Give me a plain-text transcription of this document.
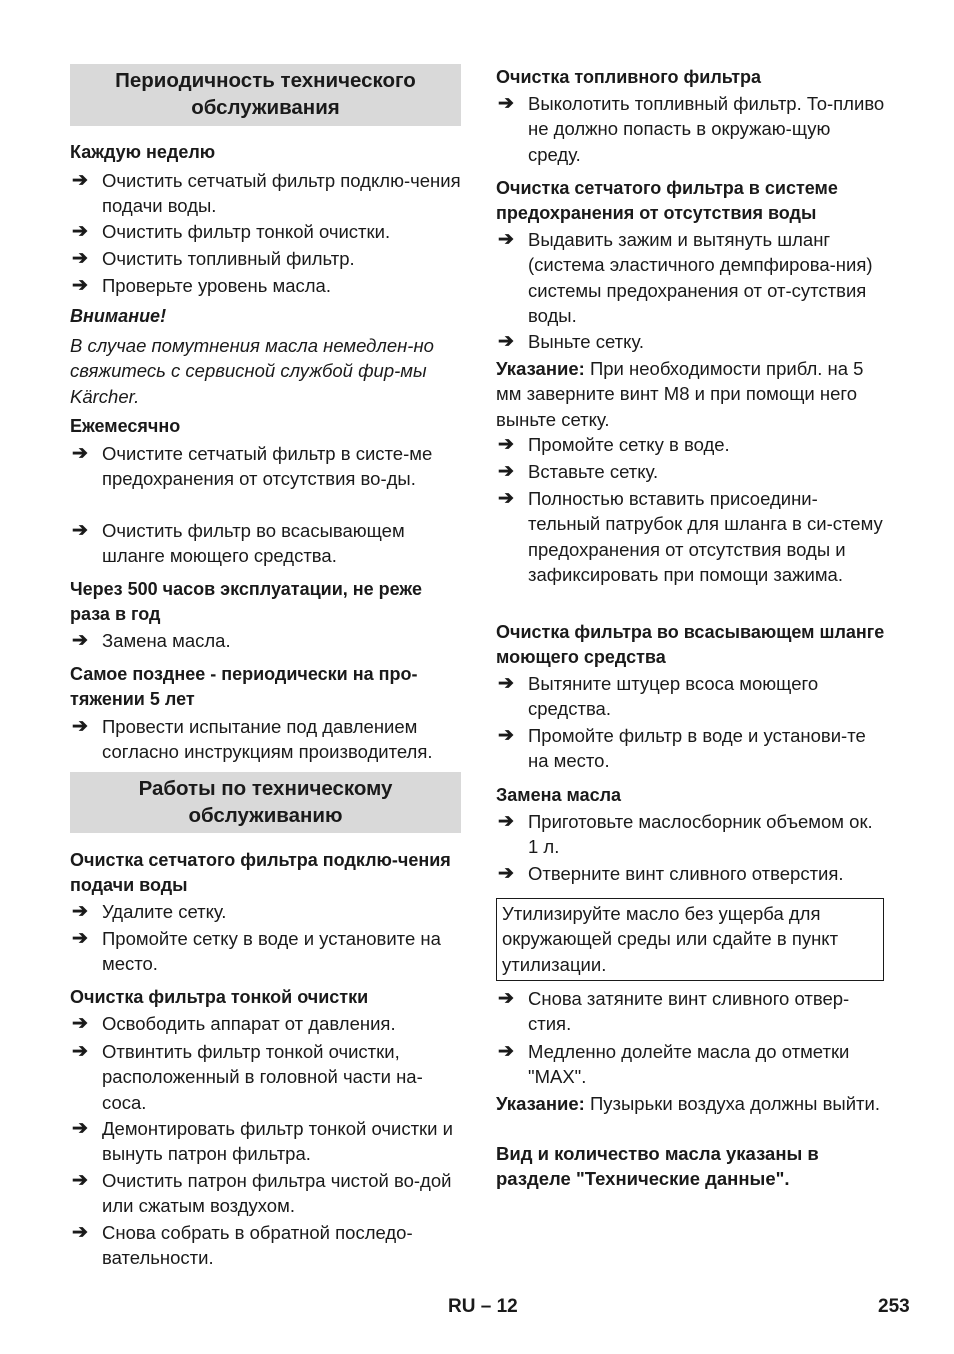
Периодичность технического обслуживания
Каждую неделю
➔ Очистить сетчатый фильтр подклю-чения подачи воды.
➔ Очистить фильтр тонкой очистки.
➔ Очистить топливный фильтр.
➔ Проверьте уровень масла.
Внимание!
В случае помутнения масла немедлен-но свяжитесь с сервисной службой фир-мы Kärcher.
Ежемесячно
➔ Очистите сетчатый фильтр в систе-ме предохранения от отсутствия во-ды.
➔ Очистить фильтр во всасывающем шланге моющего средства.
Через 500 часов эксплуатации, не реже раза в год
➔ Замена масла.
Самое позднее - периодически на про-тяжении 5 лет
➔ Провести испытание под давлением согласно инструкциям производителя.
Работы по техническому обслуживанию
Очистка сетчатого фильтра подклю-чения подачи воды
➔ Удалите сетку.
➔ Промойте сетку в воде и установите на место.
Очистка фильтра тонкой очистки
➔ Освободить аппарат от давления.
➔ Отвинтить фильтр тонкой очистки, расположенный в головной части на-соса.
➔ Демонтировать фильтр тонкой очистки и вынуть патрон фильтра.
➔ Очистить патрон фильтра чистой во-дой или сжатым воздухом.
➔ Снова собрать в обратной последо-вательности.
Очистка топливного фильтра
➔ Выколотить топливный фильтр. То-пливо не должно попасть в окружаю-щую среду.
Очистка сетчатого фильтра в системе предохранения от отсутствия воды
➔ Выдавить зажим и вытянуть шланг (система эластичного демпфирова-ния) системы предохранения от от-сутствия воды.
➔ Выньте сетку.
Указание: При необходимости прибл. на 5 мм заверните винт М8 и при помощи него выньте сетку.
➔ Промойте сетку в воде.
➔ Вставьте сетку.
➔ Полностью вставить присоедини-тельный патрубок для шланга в си-стему предохранения от отсутствия воды и зафиксировать при помощи зажима.
Очистка фильтра во всасывающем шланге моющего средства
➔ Вытяните штуцер всоса моющего средства.
➔ Промойте фильтр в воде и установи-те на место.
Замена масла
➔ Приготовьте маслосборник объемом ок. 1 л.
➔ Отверните винт сливного отверстия.
Утилизируйте масло без ущерба для окружающей среды или сдайте в пункт утилизации.
➔ Снова затяните винт сливного отвер-стия.
➔ Медленно долейте масла до отметки "MAX".
Указание: Пузырьки воздуха должны выйти.
Вид и количество масла указаны в разделе "Технические данные".
RU – 12	253
